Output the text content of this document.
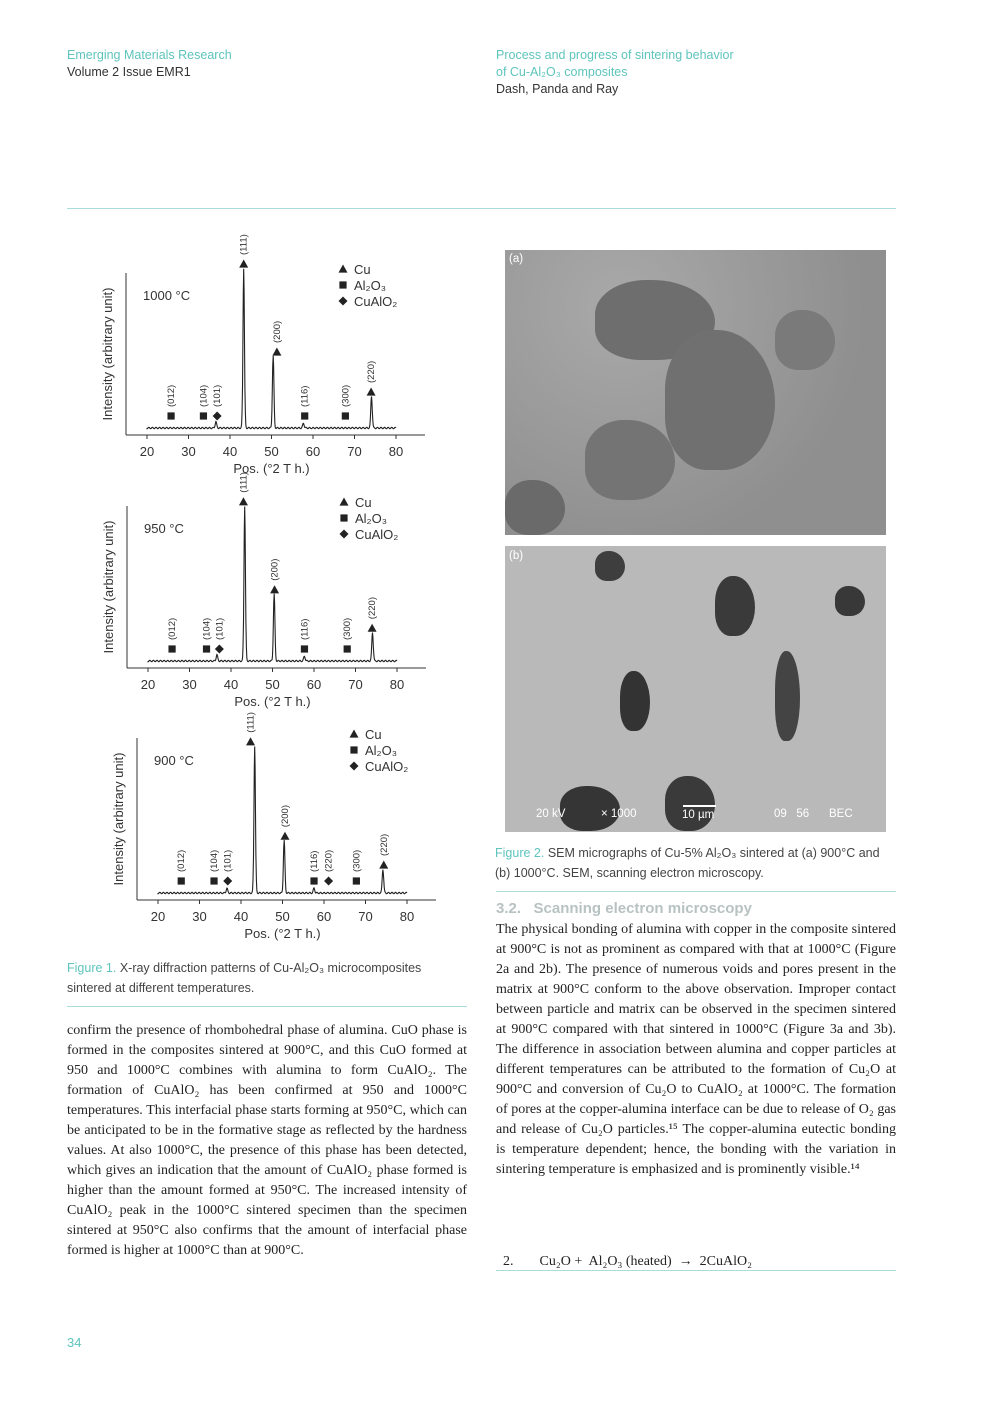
Emerging Materials Research
Volume 2 Issue EMR1
Process and progress of sintering behavior
of Cu-Al₂O₃ composites
Dash, Panda and Ray
20 30 40 50 60 70 80
Pos. (°2 T h.)
Intensity (arbitrary unit) 1000 °C
(012) (104) (101)
(111)
(200)
(116)	(300)
(220)
Cu
Al₂O₃
CuAlO₂
20 30 40 50 60 70 80
Pos. (°2 T h.)
Intensity (arbitrary unit) 950 °C
(012) (104) (101)
(111)
(200)
(116)	(300)
(220)
Cu
Al₂O₃
CuAlO₂
20 30 40 50 60 70 80
Pos. (°2 T h.)
Intensity (arbitrary unit) 900 °C
(012) (104) (101)
(111)
(200)
(116) (220) (300)
(220)
Cu
Al₂O₃
CuAlO₂
Figure 1. X-ray diffraction patterns of Cu-Al₂O₃ microcomposites
sintered at different temperatures.
confirm the presence of rhombohedral phase of alumina. CuO phase is formed in the composites sintered at 900°C, and this CuO formed at 950 and 1000°C combines with alumina to form CuAlO₂. The formation of CuAlO₂ has been confirmed at 950 and 1000°C temperatures. This interfacial phase starts forming at 950°C, which can be anticipated to be in the formative stage as reflected by the hardness values. At also 1000°C, the presence of this phase has been detected, which gives an indication that the amount of CuAlO₂ phase formed is higher than the amount formed at 950°C. The increased intensity of CuAlO₂ peak in the 1000°C sintered specimen than the specimen sintered at 950°C also confirms that the amount of interfacial phase formed is higher at 1000°C than at 900°C.
(a)
(b)
20 kV	× 1000	10 µm	09   56 BEC
Figure 2. SEM micrographs of Cu-5% Al₂O₃ sintered at (a) 900°C and
(b) 1000°C. SEM, scanning electron microscopy.
3.2. Scanning electron microscopy
The physical bonding of alumina with copper in the composite sintered at 900°C is not as prominent as compared with that at 1000°C (Figure 2a and 2b). The presence of numerous voids and pores present in the matrix at 900°C conform to the above observation. Improper contact between particle and matrix can be observed in the specimen sintered at 900°C compared with that sintered in 1000°C (Figure 3a and 3b). The difference in association between alumina and copper particles at different temperatures can be attributed to the formation of Cu₂O at 900°C and conversion of Cu₂O to CuAlO₂ at 1000°C. The formation of pores at the copper-alumina interface can be due to release of O₂ gas and release of Cu₂O particles.¹⁵ The copper-alumina eutectic bonding is temperature dependent; hence, the bonding with the variation in sintering temperature is emphasized and is prominently visible.¹⁴

2. Cu₂O +  Al₂O₃ (heated)  →  2CuAlO₂

34
